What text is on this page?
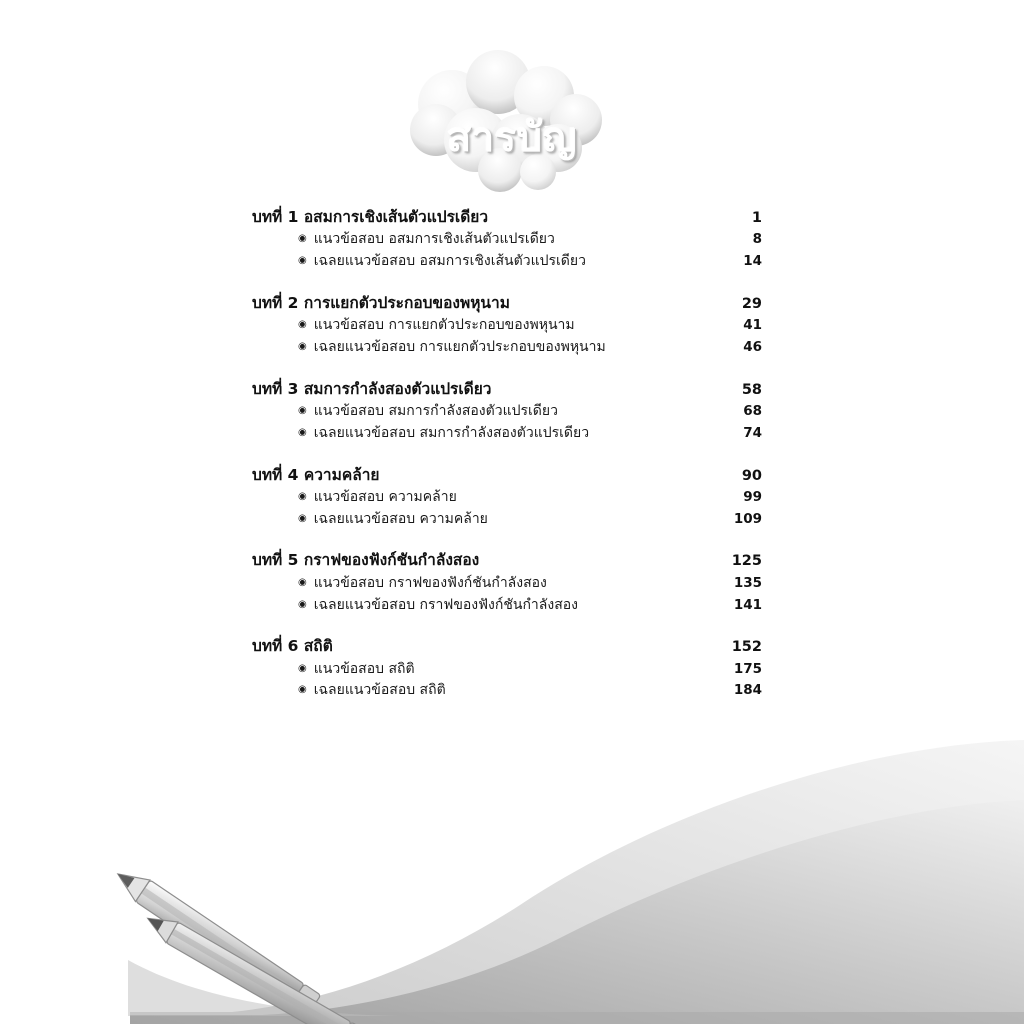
สารบัญ
บทที่ 1 อสมการเชิงเส้นตัวแปรเดียว	1
◉ แนวข้อสอบ อสมการเชิงเส้นตัวแปรเดียว	8
◉ เฉลยแนวข้อสอบ อสมการเชิงเส้นตัวแปรเดียว	14
บทที่ 2 การแยกตัวประกอบของพหุนาม	29
◉ แนวข้อสอบ การแยกตัวประกอบของพหุนาม	41
◉ เฉลยแนวข้อสอบ การแยกตัวประกอบของพหุนาม	46
บทที่ 3 สมการกำลังสองตัวแปรเดียว	58
◉ แนวข้อสอบ สมการกำลังสองตัวแปรเดียว	68
◉ เฉลยแนวข้อสอบ สมการกำลังสองตัวแปรเดียว	74
บทที่ 4 ความคล้าย	90
◉ แนวข้อสอบ ความคล้าย	99
◉ เฉลยแนวข้อสอบ ความคล้าย	109
บทที่ 5 กราฟของฟังก์ชันกำลังสอง	125
◉ แนวข้อสอบ กราฟของฟังก์ชันกำลังสอง	135
◉ เฉลยแนวข้อสอบ กราฟของฟังก์ชันกำลังสอง	141
บทที่ 6 สถิติ	152
◉ แนวข้อสอบ สถิติ	175
◉ เฉลยแนวข้อสอบ สถิติ	184
